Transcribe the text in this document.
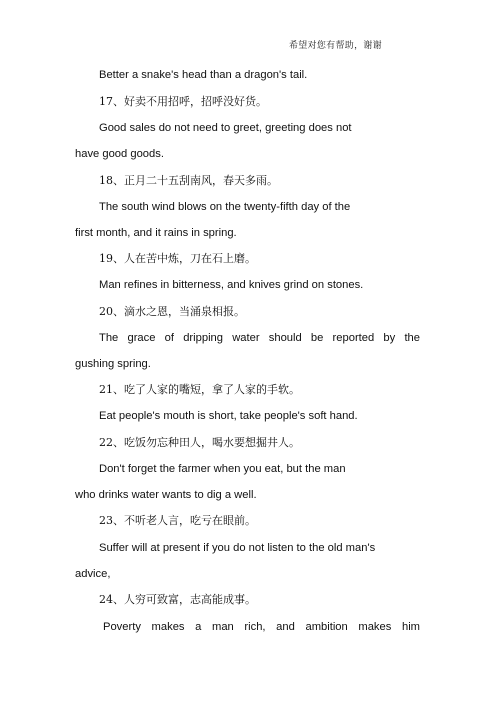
希望对您有帮助，谢谢
Better a snake's head than a dragon's tail.
17、好卖不用招呼，招呼没好货。
Good sales do not need to greet, greeting does not
have good goods.
18、正月二十五刮南风，春天多雨。
The south wind blows on the twenty-fifth day of the
first month, and it rains in spring.
19、人在苦中炼，刀在石上磨。
Man refines in bitterness, and knives grind on stones.
20、滴水之恩，当涌泉相报。
The grace of dripping water should be reported by the
gushing spring.
21、吃了人家的嘴短，拿了人家的手软。
Eat people's mouth is short, take people's soft hand.
22、吃饭勿忘种田人，喝水要想掘井人。
Don't forget the farmer when you eat, but the man
who drinks water wants to dig a well.
23、不听老人言，吃亏在眼前。
Suffer will at present if you do not listen to the old man's
advice,
24、人穷可致富，志高能成事。
Poverty makes a man rich, and ambition makes him
